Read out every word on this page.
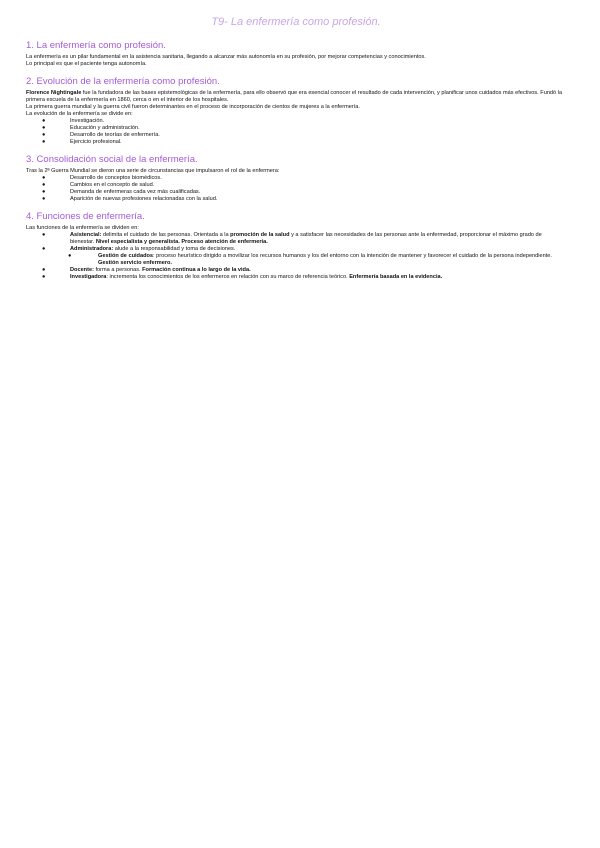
T9- La enfermería como profesión.
1. La enfermería como profesión.

La enfermería es un pilar fundamental en la asistencia sanitaria, llegando a alcanzar más autonomía en su profesión, por mejorar competencias y conocimientos.

Lo principal es que el paciente tenga autonomía.

2. Evolución de la enfermería como profesión.

Florence Nightingale fue la fundadora de las bases epistemológicas de la enfermería, para ello observó que era esencial conocer el resultado de cada intervención, y planificar unos cuidados más efectivos. Fundó la primera escuela de la enfermería en 1860, cerca o en el interior de los hospitales.

La primera guerra mundial y la guerra civil fueron determinantes en el proceso de incorporación de cientos de mujeres a la enfermería.

La evolución de la enfermería se divide en:

●	Investigación.
●	Educación y administración.
●	Desarrollo de teorías de enfermería.
●	Ejercicio profesional.
3. Consolidación social de la enfermería.

Tras la 2ª Guerra Mundial se dieron una serie de circunstancias que impulsaron el rol de la enfermera:

●	Desarrollo de conceptos biomédicos.
●	Cambios en el concepto de salud.
●	Demanda de enfermeras cada vez más cualificadas.
●	Aparición de nuevas profesiones relacionadas con la salud.
4. Funciones de enfermería.

Las funciones de la enfermería se dividen en:

●	Asistencial: delimita el cuidado de las personas. Orientada a la promoción de la salud y a satisfacer las necesidades de las personas ante la enfermedad, proporcionar el máximo grado de bienestar. Nivel especialista y generalista. Proceso atención de enfermería.
●	Administradora: alude a la responsabilidad y toma de decisiones.
●	Gestión de cuidados: proceso heurístico dirigido a movilizar los recursos humanos y los del entorno con la intención de mantener y favorecer el cuidado de la persona independiente. Gestión servicio enfermero.
●	Docente: forma a personas. Formación continua a lo largo de la vida.
●	Investigadora: incrementa los conocimientos de los enfermeros en relación con su marco de referencia teórico. Enfermería basada en la evidencia.
